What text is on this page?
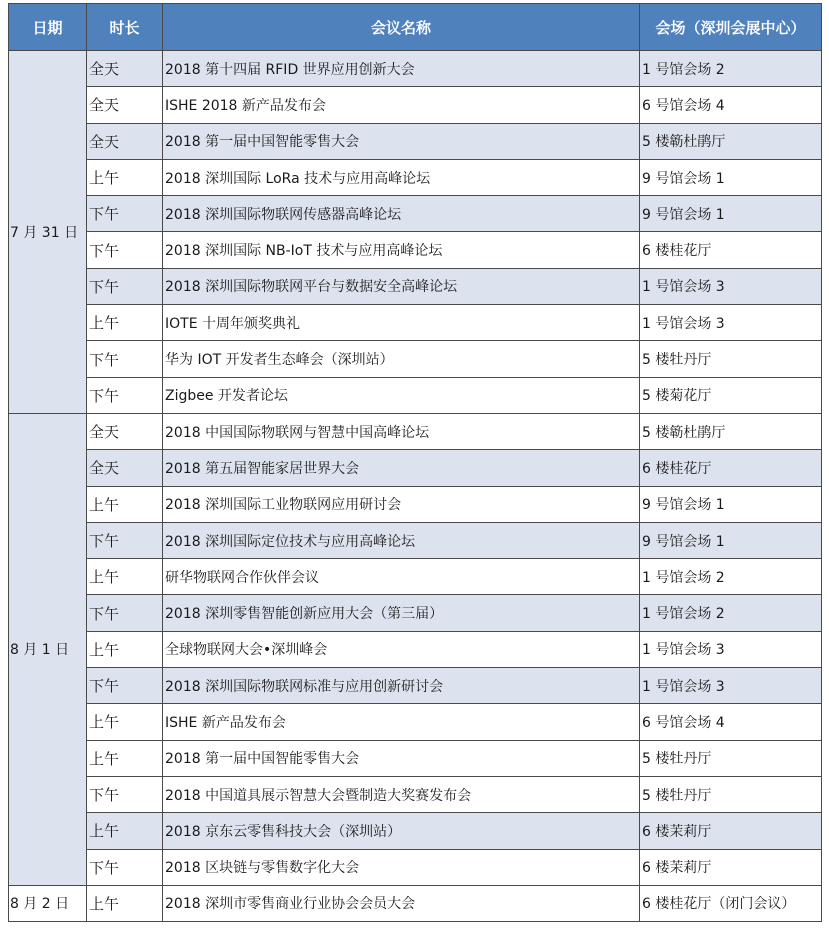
日期	时长	会议名称	会场（深圳会展中心）
7 月 31 日	全天	2018 第十四届 RFID 世界应用创新大会	1 号馆会场 2
	全天	ISHE 2018 新产品发布会	6 号馆会场 4
	全天	2018 第一届中国智能零售大会	5 楼簕杜鹃厅
	上午	2018 深圳国际 LoRa 技术与应用高峰论坛	9 号馆会场 1
	下午	2018 深圳国际物联网传感器高峰论坛	9 号馆会场 1
	下午	2018 深圳国际 NB-IoT 技术与应用高峰论坛	6 楼桂花厅
	下午	2018 深圳国际物联网平台与数据安全高峰论坛	1 号馆会场 3
	上午	IOTE 十周年颁奖典礼	1 号馆会场 3
	下午	华为 IOT 开发者生态峰会（深圳站）	5 楼牡丹厅
	下午	Zigbee 开发者论坛	5 楼菊花厅
8 月 1 日	全天	2018 中国国际物联网与智慧中国高峰论坛	5 楼簕杜鹃厅
	全天	2018 第五届智能家居世界大会	6 楼桂花厅
	上午	2018 深圳国际工业物联网应用研讨会	9 号馆会场 1
	下午	2018 深圳国际定位技术与应用高峰论坛	9 号馆会场 1
	上午	研华物联网合作伙伴会议	1 号馆会场 2
	下午	2018 深圳零售智能创新应用大会（第三届）	1 号馆会场 2
	上午	全球物联网大会•深圳峰会	1 号馆会场 3
	下午	2018 深圳国际物联网标准与应用创新研讨会	1 号馆会场 3
	上午	ISHE 新产品发布会	6 号馆会场 4
	上午	2018 第一届中国智能零售大会	5 楼牡丹厅
	下午	2018 中国道具展示智慧大会暨制造大奖赛发布会	5 楼牡丹厅
	上午	2018 京东云零售科技大会（深圳站）	6 楼茉莉厅
	下午	2018 区块链与零售数字化大会	6 楼茉莉厅
8 月 2 日	上午	2018 深圳市零售商业行业协会会员大会	6 楼桂花厅（闭门会议）
